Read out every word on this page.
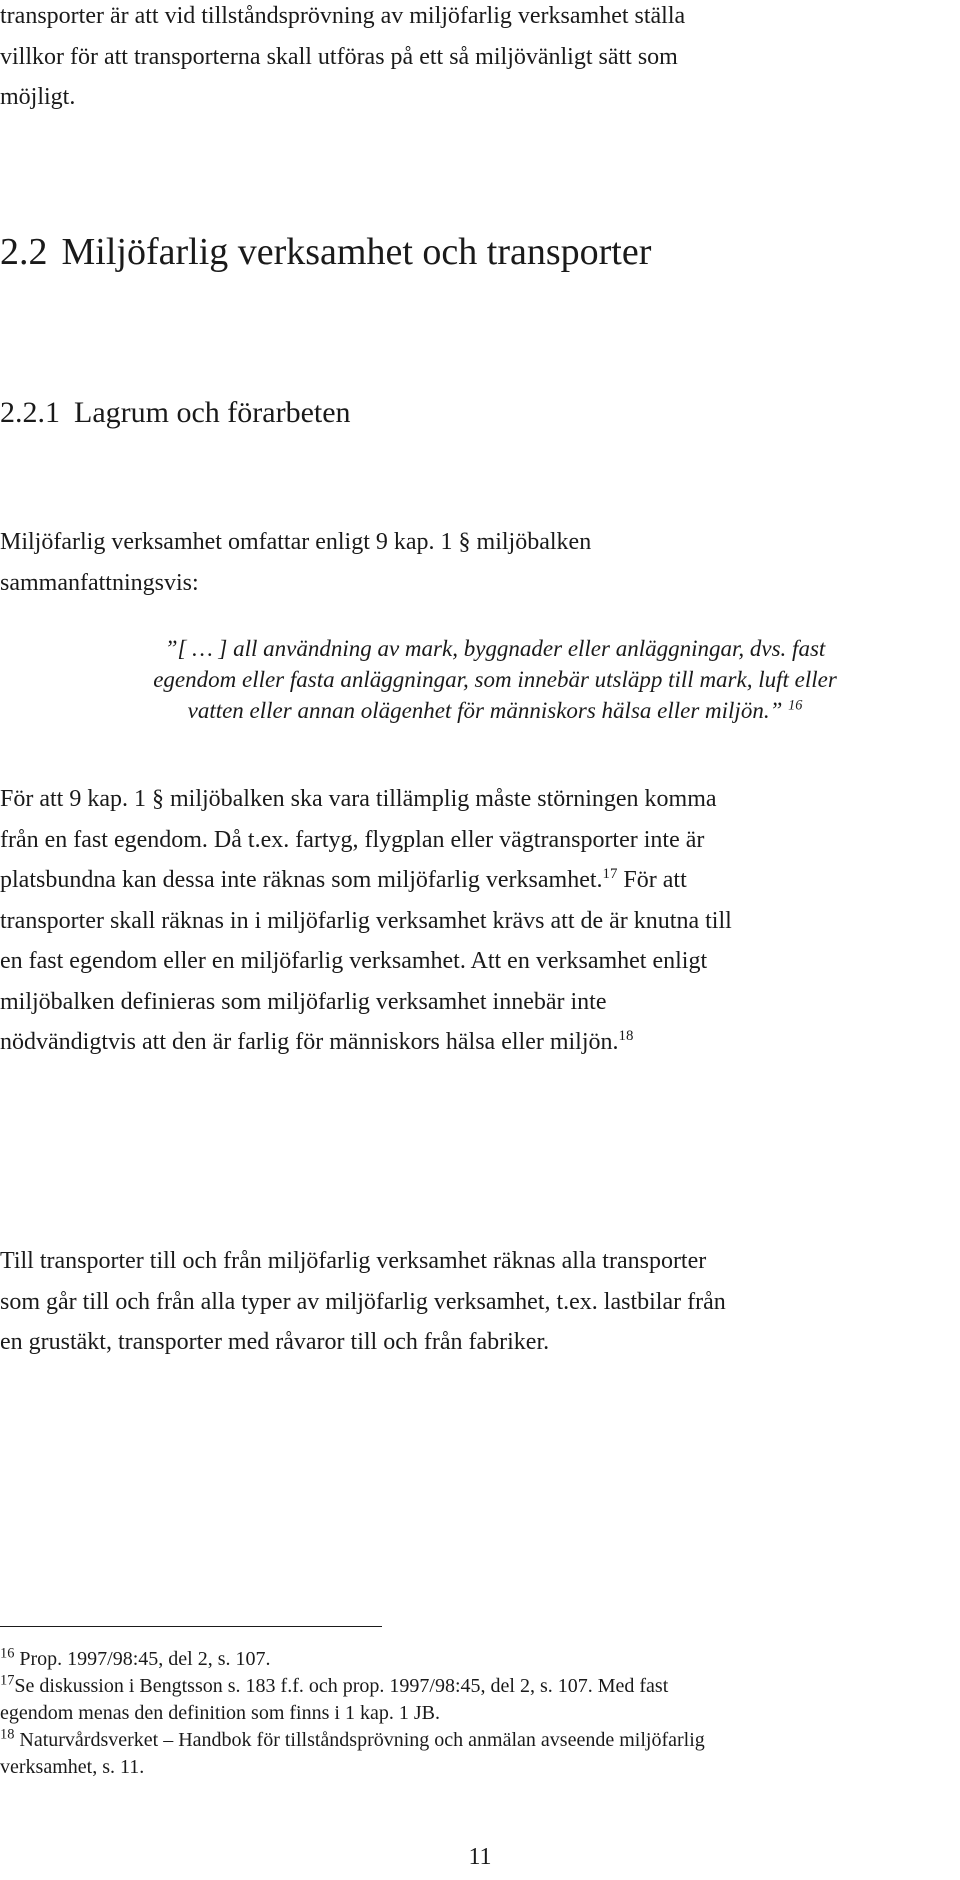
transporter är att vid tillståndsprövning av miljöfarlig verksamhet ställa
villkor för att transporterna skall utföras på ett så miljövänligt sätt som
möjligt.

2.2 Miljöfarlig verksamhet och transporter
2.2.1 Lagrum och förarbeten

Miljöfarlig verksamhet omfattar enligt 9 kap. 1 § miljöbalken
sammanfattningsvis:

”[ … ] all användning av mark, byggnader eller anläggningar, dvs. fast
egendom eller fasta anläggningar, som innebär utsläpp till mark, luft eller
vatten eller annan olägenhet för människors hälsa eller miljön.” $^{16}$

För att 9 kap. 1 § miljöbalken ska vara tillämplig måste störningen komma
från en fast egendom. Då t.ex. fartyg, flygplan eller vägtransporter inte är
platsbundna kan dessa inte räknas som miljöfarlig verksamhet.$^{17}$ För att
transporter skall räknas in i miljöfarlig verksamhet krävs att de är knutna till
en fast egendom eller en miljöfarlig verksamhet. Att en verksamhet enligt
miljöbalken definieras som miljöfarlig verksamhet innebär inte
nödvändigtvis att den är farlig för människors hälsa eller miljön.$^{18}$

Till transporter till och från miljöfarlig verksamhet räknas alla transporter
som går till och från alla typer av miljöfarlig verksamhet, t.ex. lastbilar från
en grustäkt, transporter med råvaror till och från fabriker.

$^{16}$ Prop. 1997/98:45, del 2, s. 107.

$^{17}$Se diskussion i Bengtsson s. 183 f.f. och prop. 1997/98:45, del 2, s. 107. Med fast
egendom menas den definition som finns i 1 kap. 1 JB.

$^{18}$ Naturvårdsverket – Handbok för tillståndsprövning och anmälan avseende miljöfarlig
verksamhet, s. 11.

11
